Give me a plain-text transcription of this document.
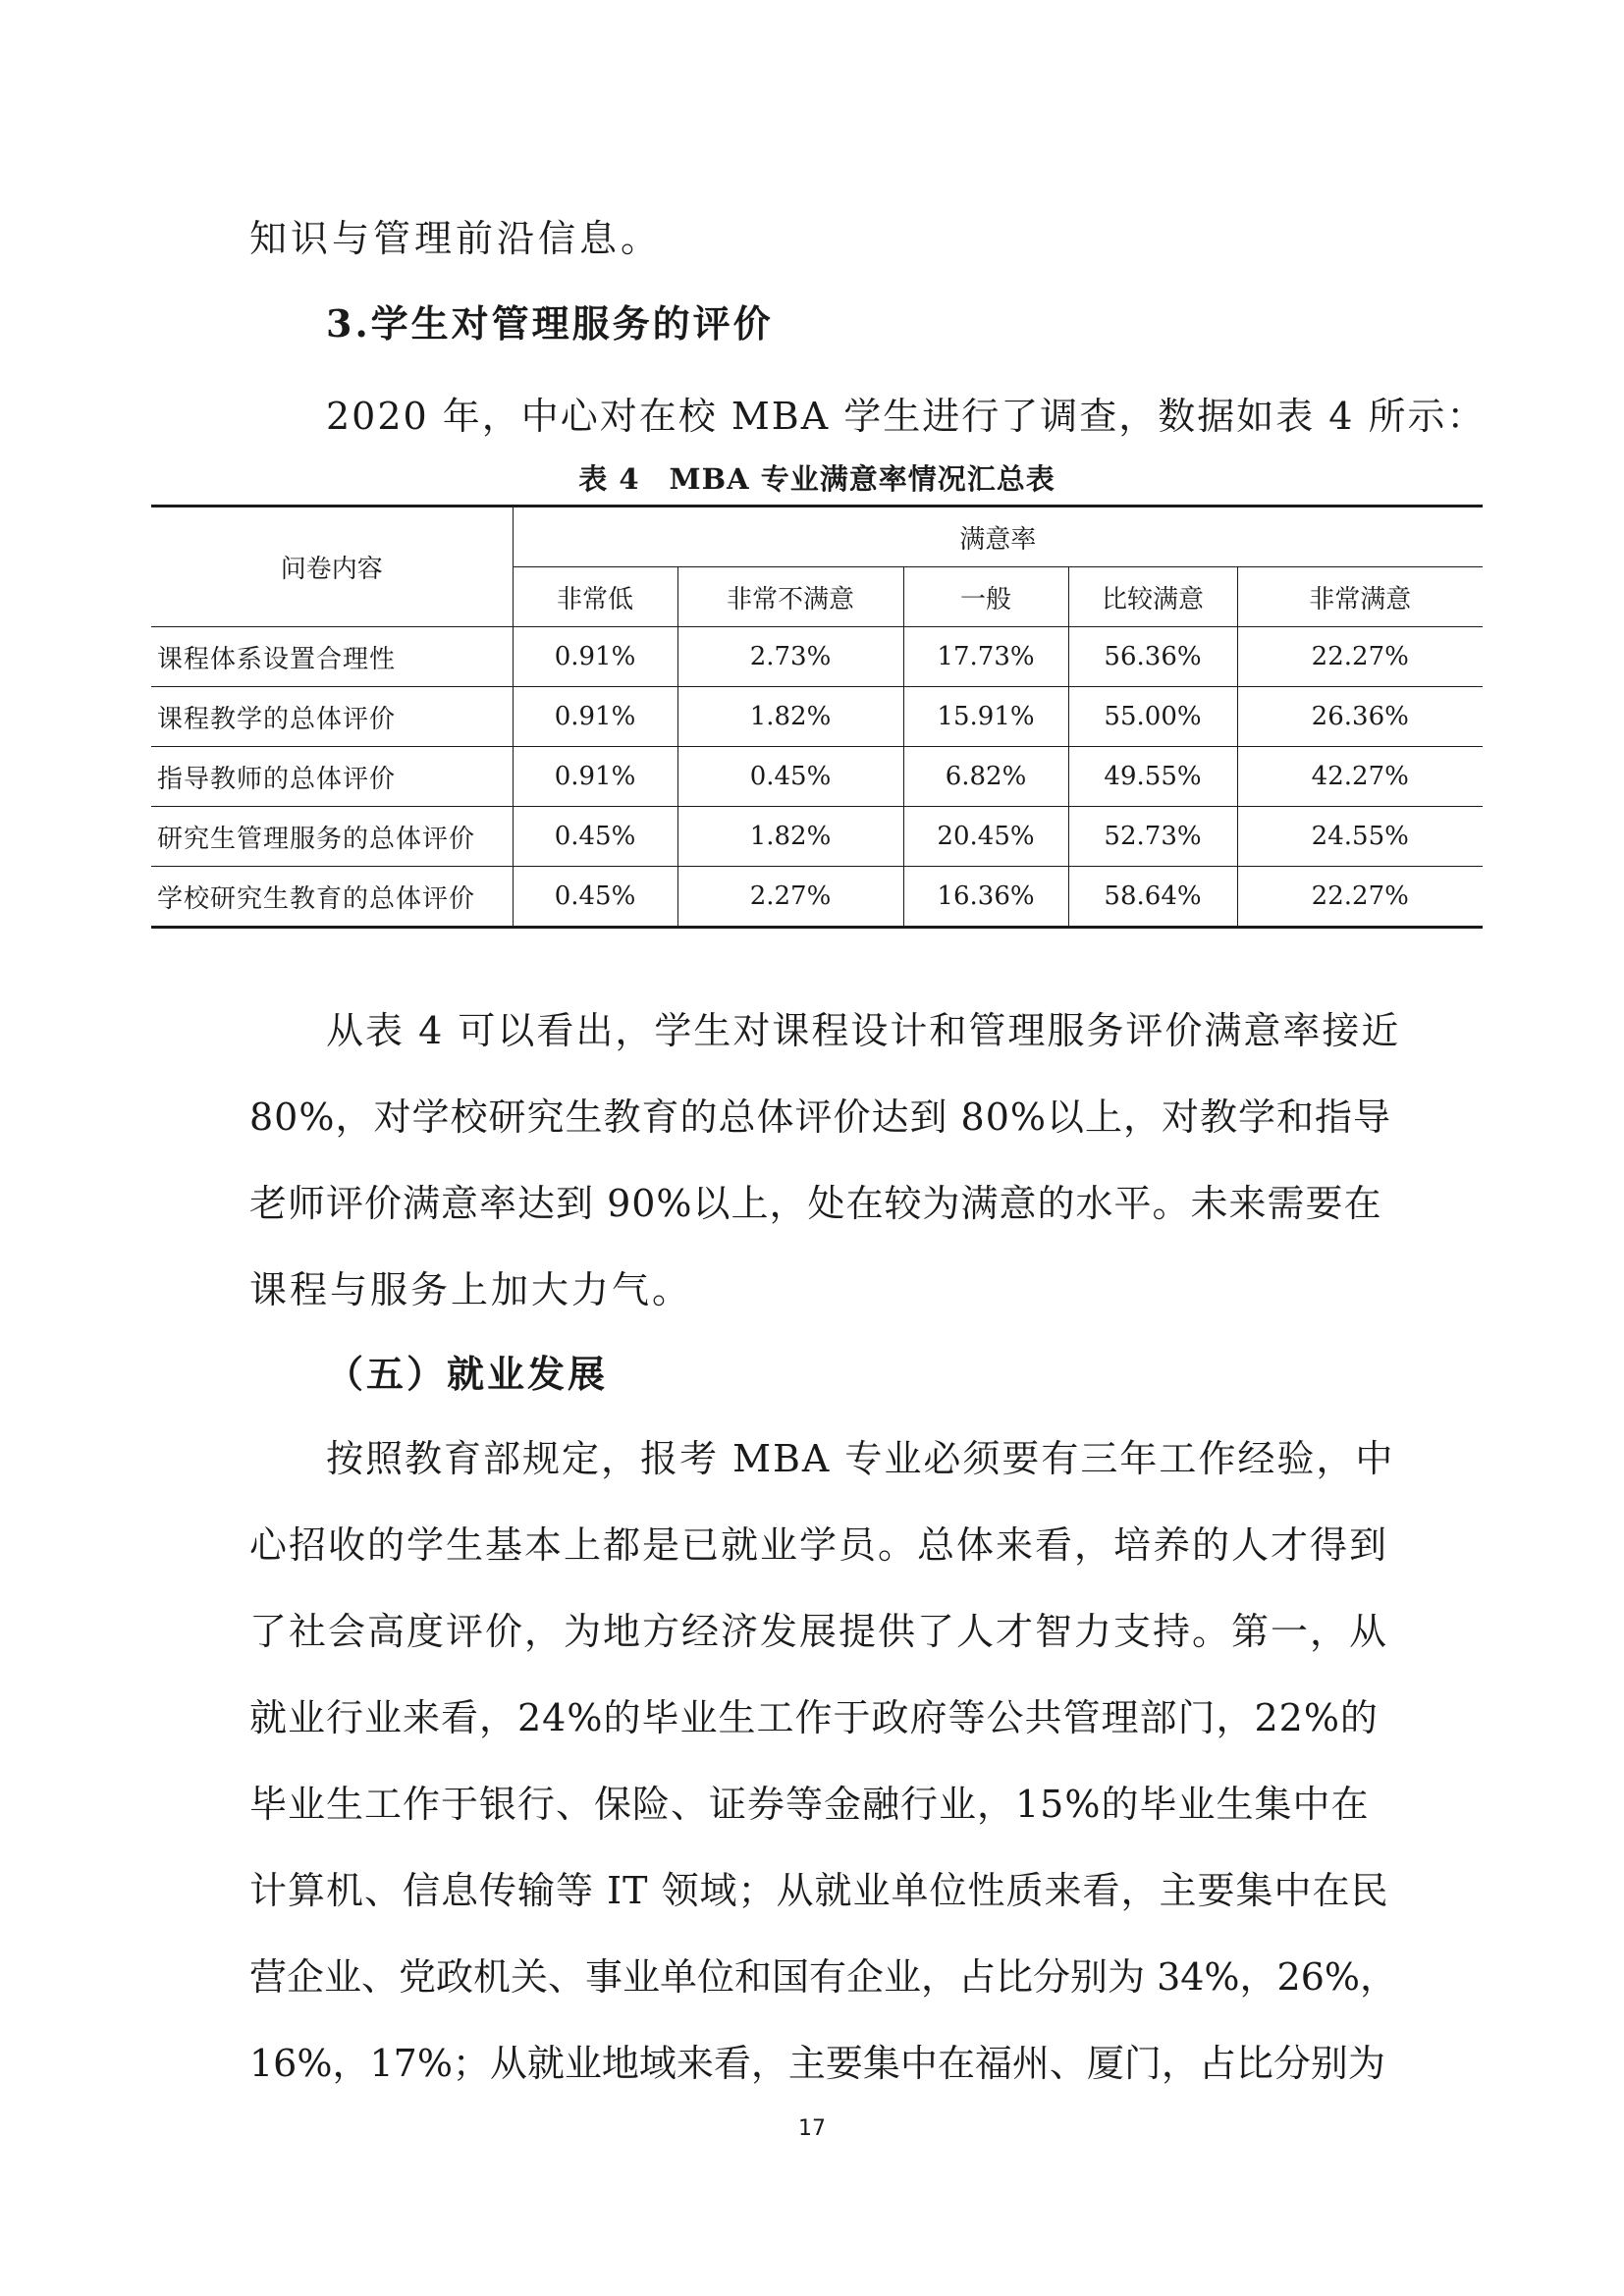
知识与管理前沿信息。
3.学生对管理服务的评价
2020 年，中心对在校 MBA 学生进行了调查，数据如表 4 所示：
表 4　MBA 专业满意率情况汇总表
问卷内容	满意率				
	非常低	非常不满意	一般	比较满意	非常满意
课程体系设置合理性	0.91%	2.73%	17.73%	56.36%	22.27%
课程教学的总体评价	0.91%	1.82%	15.91%	55.00%	26.36%
指导教师的总体评价	0.91%	0.45%	6.82%	49.55%	42.27%
研究生管理服务的总体评价	0.45%	1.82%	20.45%	52.73%	24.55%
学校研究生教育的总体评价	0.45%	2.27%	16.36%	58.64%	22.27%
从表 4 可以看出，学生对课程设计和管理服务评价满意率接近
80%，对学校研究生教育的总体评价达到 80%以上，对教学和指导
老师评价满意率达到 90%以上，处在较为满意的水平。未来需要在
课程与服务上加大力气。
（五）就业发展
按照教育部规定，报考 MBA 专业必须要有三年工作经验，中
心招收的学生基本上都是已就业学员。总体来看，培养的人才得到
了社会高度评价，为地方经济发展提供了人才智力支持。第一，从
就业行业来看，24%的毕业生工作于政府等公共管理部门，22%的
毕业生工作于银行、保险、证券等金融行业，15%的毕业生集中在
计算机、信息传输等 IT 领域；从就业单位性质来看，主要集中在民
营企业、党政机关、事业单位和国有企业，占比分别为 34%，26%，
16%，17%；从就业地域来看，主要集中在福州、厦门，占比分别为
17
